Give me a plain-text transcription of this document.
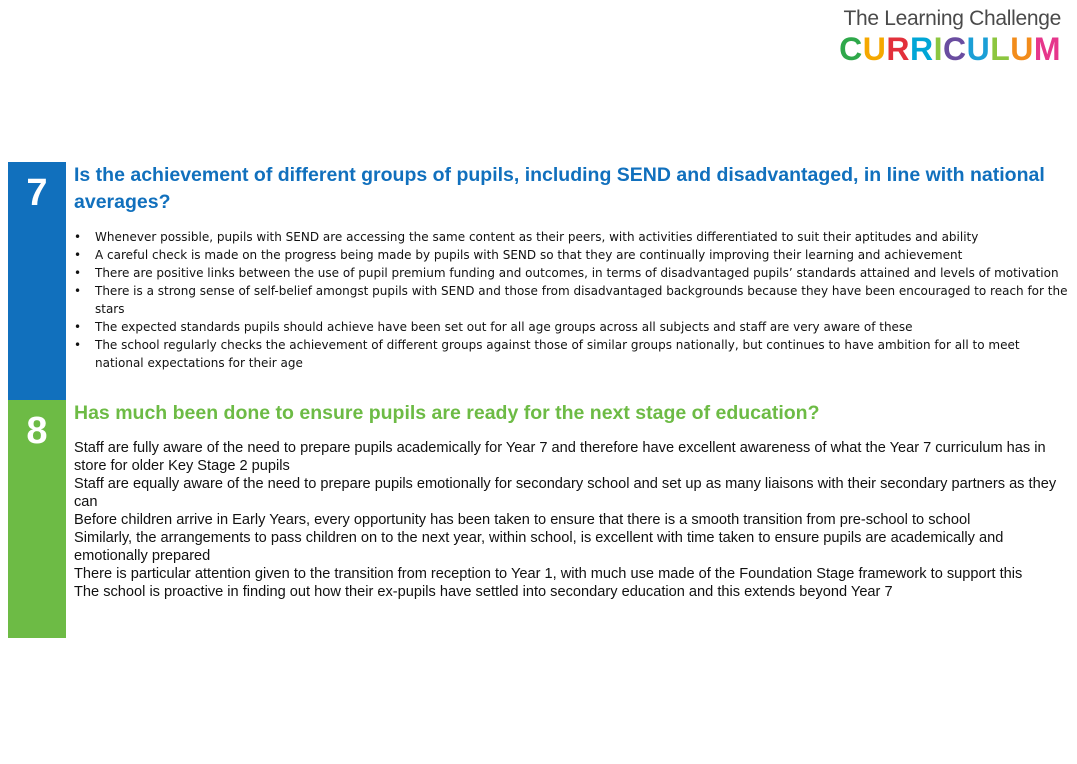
The Learning Challenge
CURRICULUM
7	Is the achievement of different groups of pupils, including SEND and disadvantaged, in line with national averages?
• Whenever possible, pupils with SEND are accessing the same content as their peers, with activities differentiated to suit their aptitudes and ability
• A careful check is made on the progress being made by pupils with SEND so that they are continually improving their learning and achievement
• There are positive links between the use of pupil premium funding and outcomes, in terms of disadvantaged pupils’ standards attained and levels of motivation
• There is a strong sense of self-belief amongst pupils with SEND and those from disadvantaged backgrounds because they have been encouraged to reach for the stars
• The expected standards pupils should achieve have been set out for all age groups across all subjects and staff are very aware of these
• The school regularly checks the achievement of different groups against those of similar groups nationally, but continues to have ambition for all to meet national expectations for their age
8	Has much been done to ensure pupils are ready for the next stage of education?
Staff are fully aware of the need to prepare pupils academically for Year 7 and therefore have excellent awareness of what the Year 7 curriculum has in store for older Key Stage 2 pupils
Staff are equally aware of the need to prepare pupils emotionally for secondary school and set up as many liaisons with their secondary partners as they can
Before children arrive in Early Years, every opportunity has been taken to ensure that there is a smooth transition from pre-school to school
Similarly, the arrangements to pass children on to the next year, within school, is excellent with time taken to ensure pupils are academically and emotionally prepared
There is particular attention given to the transition from reception to Year 1, with much use made of the Foundation Stage framework to support this
The school is proactive in finding out how their ex-pupils have settled into secondary education and this extends beyond Year 7
